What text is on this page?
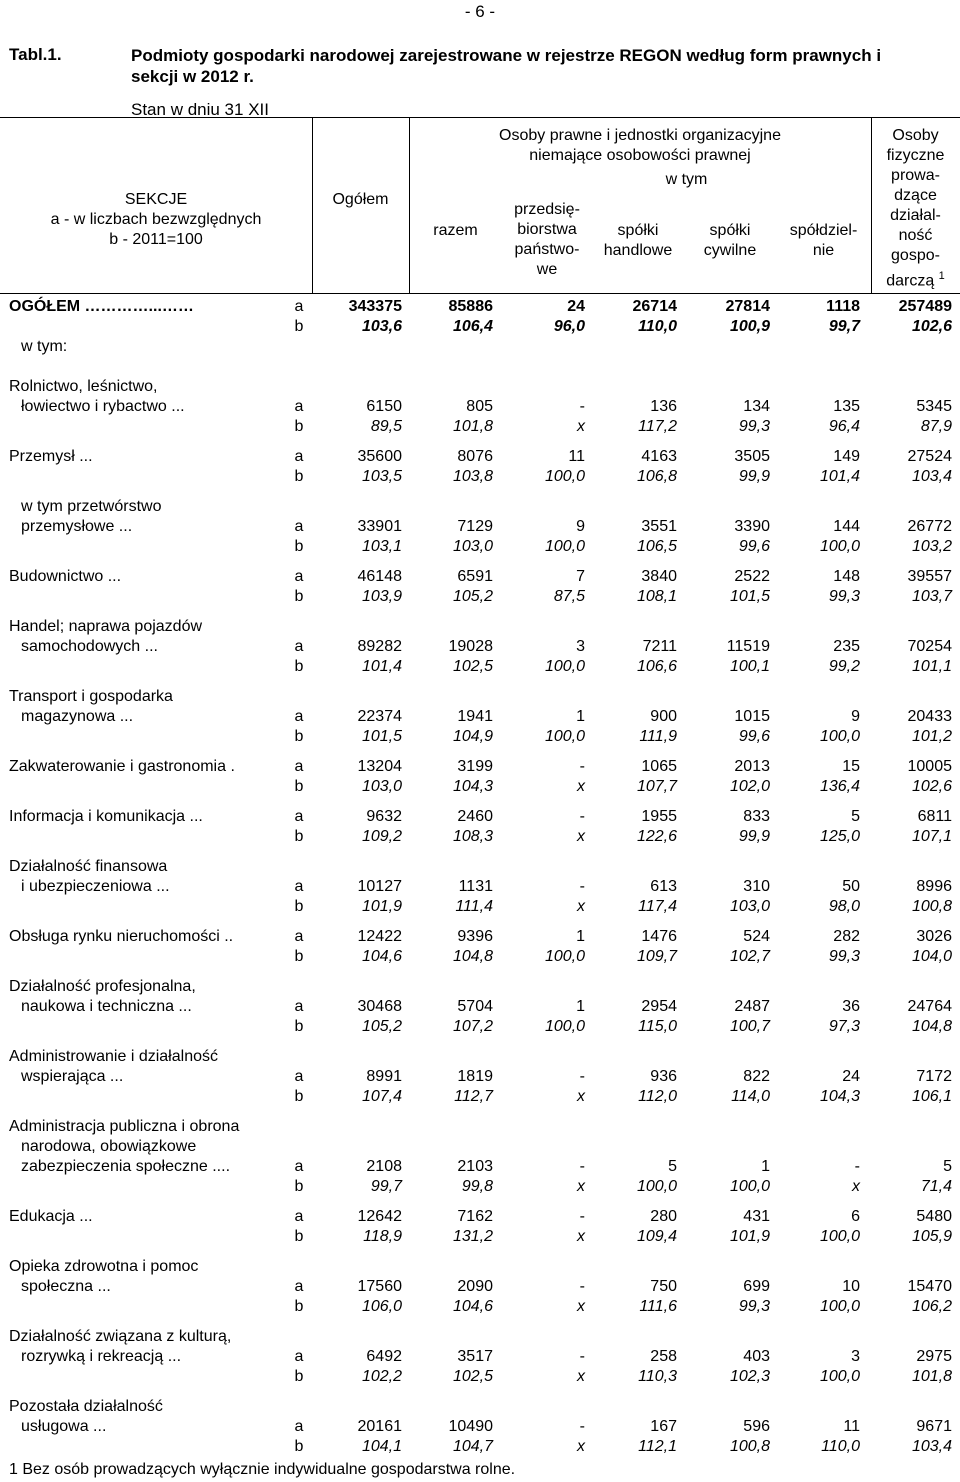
- 6 -
Tabl.1.	Podmioty gospodarki narodowej zarejestrowane w rejestrze REGON według form prawnych i sekcji w 2012 r.
Stan w dniu 31 XII
SEKCJE
a - w liczbach bezwzględnych
b - 2011=100
Ogółem
Osoby prawne i jednostki organizacyjne
niemające osobowości prawnej
w tym
razem
przedsię-
biorstwa
państwo-
we
spółki
handlowe
spółki
cywilne
spółdziel-
nie
Osoby
fizyczne
prowa-
dzące
działal-
ność
gospo-
darczą $^1$
OGÓŁEM …………...……	a	343375	85886	24	26714	27814	1118 257489
b	103,6	106,4	96,0	110,0	100,9	99,7	102,6
w tym:
Rolnictwo, leśnictwo,
łowiectwo i rybactwo ...	a	6150	805	-	136	134	135	5345
b	89,5	101,8	x	117,2	99,3	96,4	87,9
Przemysł ...	a	35600	8076	11	4163	3505	149	27524
b	103,5	103,8	100,0	106,8	99,9	101,4	103,4
w tym przetwórstwo
przemysłowe ...	a	33901	7129	9	3551	3390	144	26772
b	103,1	103,0	100,0	106,5	99,6	100,0	103,2
Budownictwo ...	a	46148	6591	7	3840	2522	148	39557
b	103,9	105,2	87,5	108,1	101,5	99,3	103,7
Handel; naprawa pojazdów
samochodowych ...	a	89282	19028	3	7211	11519	235	70254
b	101,4	102,5	100,0	106,6	100,1	99,2	101,1
Transport i gospodarka
magazynowa ...	a	22374	1941	1	900	1015	9	20433
b	101,5	104,9	100,0	111,9	99,6	100,0	101,2
Zakwaterowanie i gastronomia .	a	13204	3199	-	1065	2013	15	10005
b	103,0	104,3	x	107,7	102,0	136,4	102,6
Informacja i komunikacja ...	a	9632	2460	-	1955	833	5	6811
b	109,2	108,3	x	122,6	99,9	125,0	107,1
Działalność finansowa
i ubezpieczeniowa ...	a	10127	1131	-	613	310	50	8996
b	101,9	111,4	x	117,4	103,0	98,0	100,8
Obsługa rynku nieruchomości ..	a	12422	9396	1	1476	524	282	3026
b	104,6	104,8	100,0	109,7	102,7	99,3	104,0
Działalność profesjonalna,
naukowa i techniczna ...	a	30468	5704	1	2954	2487	36	24764
b	105,2	107,2	100,0	115,0	100,7	97,3	104,8
Administrowanie i działalność
wspierająca ...	a	8991	1819	-	936	822	24	7172
b	107,4	112,7	x	112,0	114,0	104,3	106,1
Administracja publiczna i obrona
narodowa, obowiązkowe
zabezpieczenia społeczne ....	a	2108	2103	-	5	1	-	5
b	99,7	99,8	x	100,0	100,0	x	71,4
Edukacja ...	a	12642	7162	-	280	431	6	5480
b	118,9	131,2	x	109,4	101,9	100,0	105,9
Opieka zdrowotna i pomoc
społeczna ...	a	17560	2090	-	750	699	10	15470
b	106,0	104,6	x	111,6	99,3	100,0	106,2
Działalność związana z kulturą,
rozrywką i rekreacją ...	a	6492	3517	-	258	403	3	2975
b	102,2	102,5	x	110,3	102,3	100,0	101,8
Pozostała działalność
usługowa ...	a	20161	10490	-	167	596	11	9671
b	104,1	104,7	x	112,1	100,8	110,0	103,4
1 Bez osób prowadzących wyłącznie indywidualne gospodarstwa rolne.
